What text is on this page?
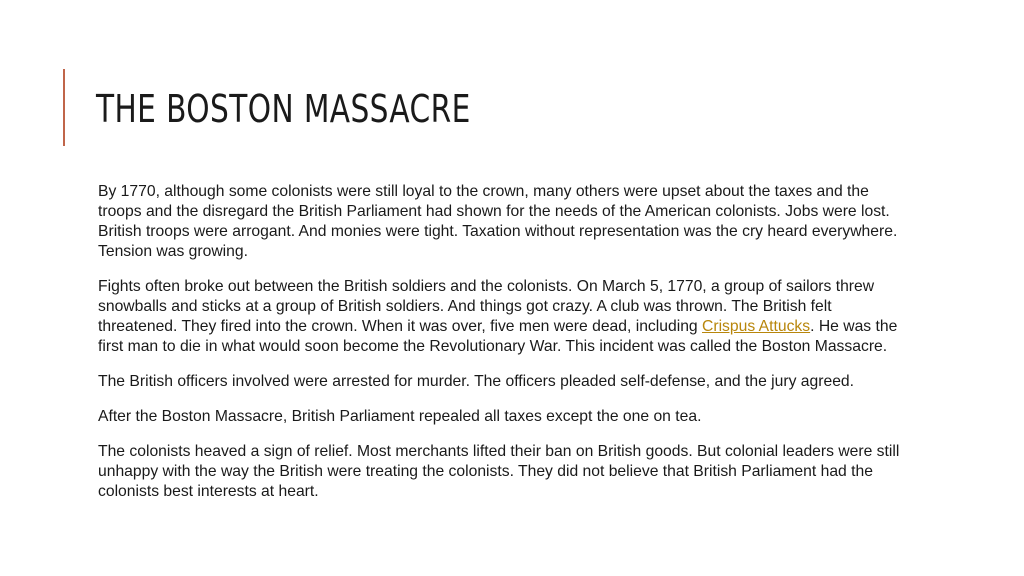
THE BOSTON MASSACRE

By 1770, although some colonists were still loyal to the crown, many others were upset about the taxes and the troops and the disregard the British Parliament had shown for the needs of the American colonists. Jobs were lost. British troops were arrogant. And monies were tight. Taxation without representation was the cry heard everywhere. Tension was growing.

Fights often broke out between the British soldiers and the colonists. On March 5, 1770, a group of sailors threw snowballs and sticks at a group of British soldiers. And things got crazy. A club was thrown. The British felt threatened. They fired into the crown. When it was over, five men were dead, including Crispus Attucks. He was the first man to die in what would soon become the Revolutionary War. This incident was called the Boston Massacre.

The British officers involved were arrested for murder. The officers pleaded self-defense, and the jury agreed.

After the Boston Massacre, British Parliament repealed all taxes except the one on tea.

The colonists heaved a sign of relief. Most merchants lifted their ban on British goods. But colonial leaders were still unhappy with the way the British were treating the colonists. They did not believe that British Parliament had the colonists best interests at heart.
